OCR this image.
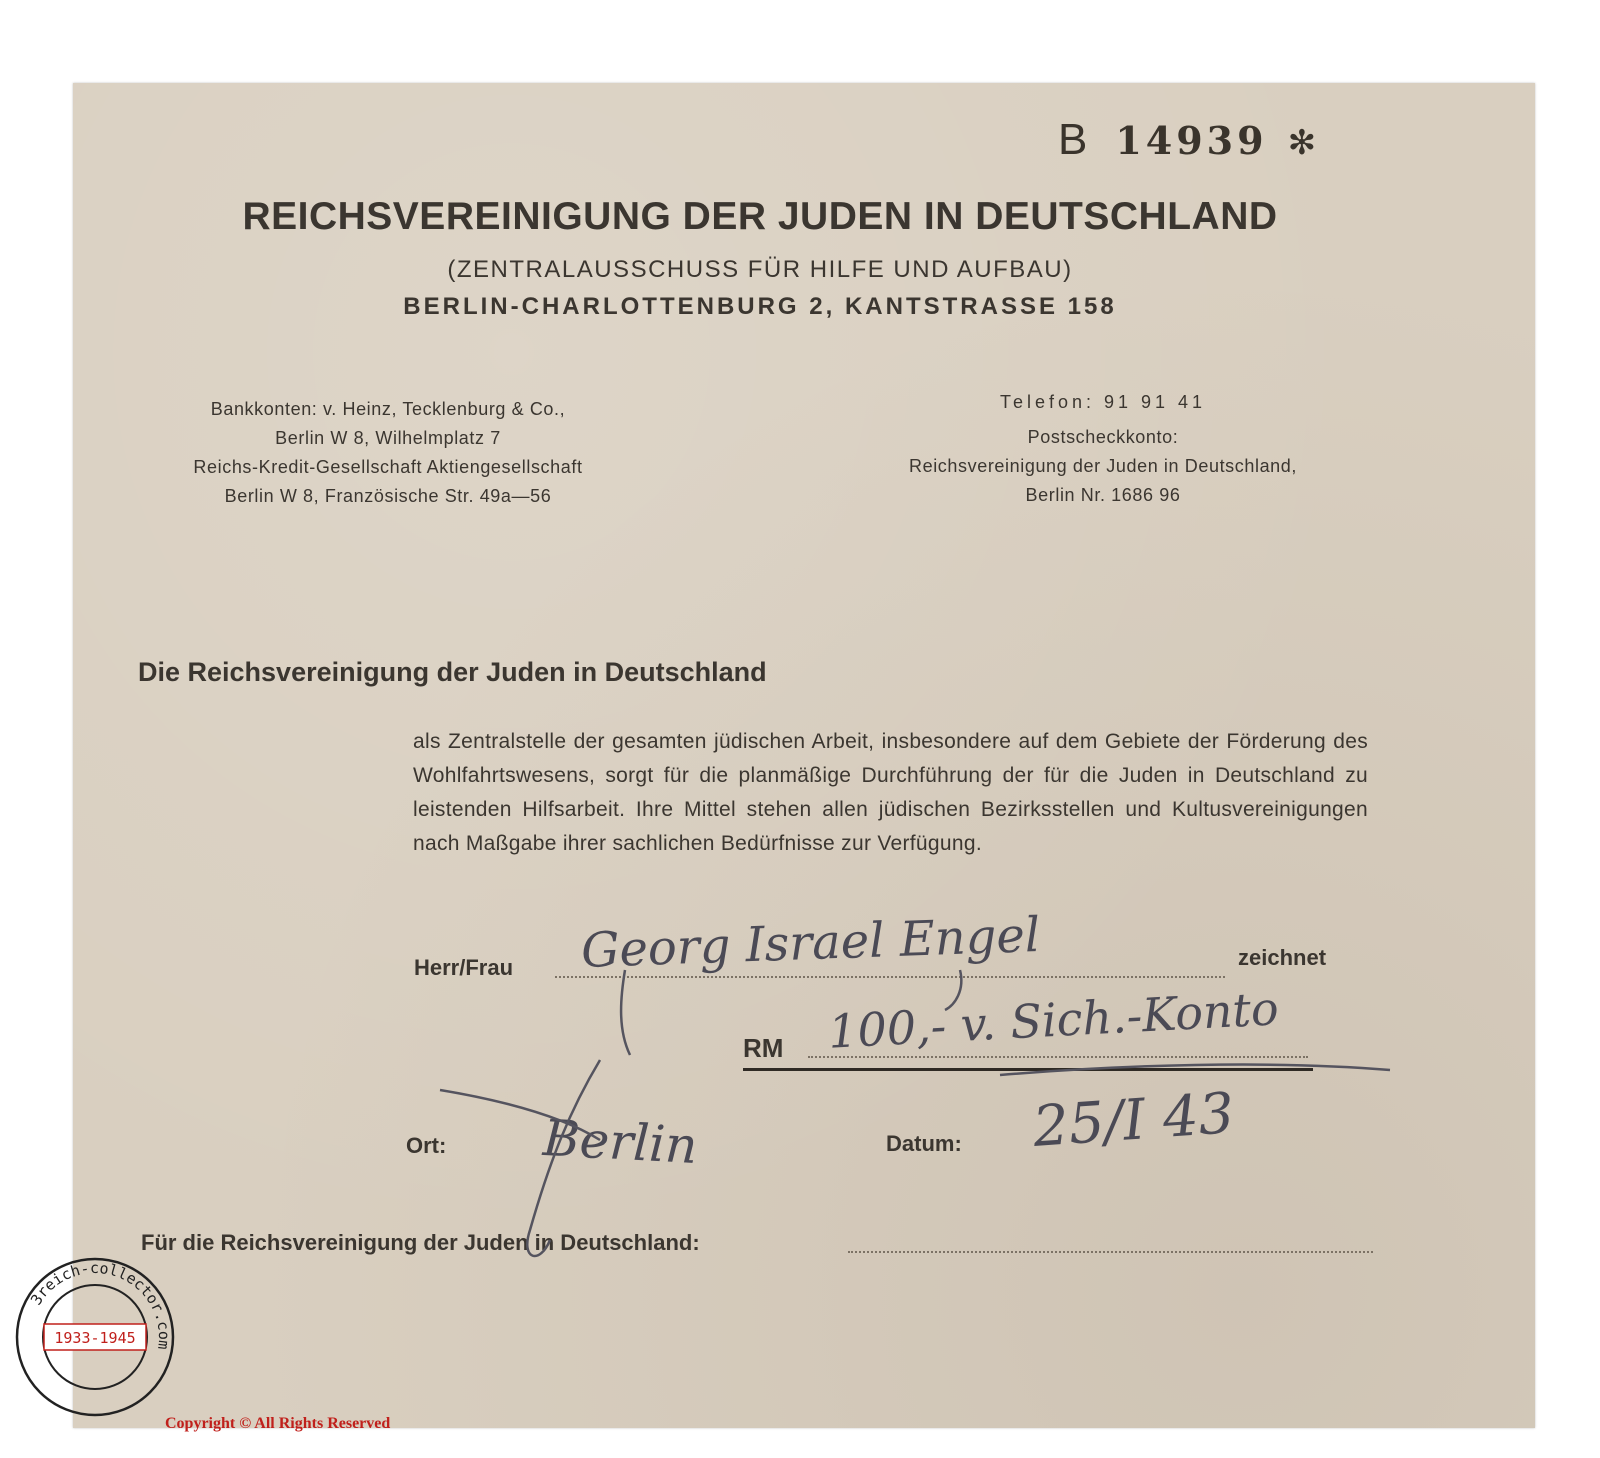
B 14939 ✻
REICHSVEREINIGUNG DER JUDEN IN DEUTSCHLAND
(ZENTRALAUSSCHUSS FÜR HILFE UND AUFBAU)
BERLIN-CHARLOTTENBURG 2, KANTSTRASSE 158
Bankkonten: v. Heinz, Tecklenburg & Co.,
Berlin W 8, Wilhelmplatz 7
Reichs-Kredit-Gesellschaft Aktiengesellschaft
Berlin W 8, Französische Str. 49a—56
Telefon: 91 91 41
Postscheckkonto:
Reichsvereinigung der Juden in Deutschland,
Berlin Nr. 1686 96
Die Reichsvereinigung der Juden in Deutschland
als Zentralstelle der gesamten jüdischen Arbeit, insbesondere auf dem Gebiete der Förderung des Wohlfahrtswesens, sorgt für die planmäßige Durchführung der für die Juden in Deutschland zu leistenden Hilfsarbeit. Ihre Mittel stehen allen jüdischen Bezirksstellen und Kultusvereinigungen nach Maßgabe ihrer sachlichen Bedürfnisse zur Verfügung.
Herr/Frau	zeichnet
Georg Israel Engel
RM 100,- v. Sich.-Konto
Ort: Berlin	Datum: 25/I 43
Für die Reichsvereinigung der Juden in Deutschland:
3reich-collector.com
1933-1945
Copyright © All Rights Reserved
